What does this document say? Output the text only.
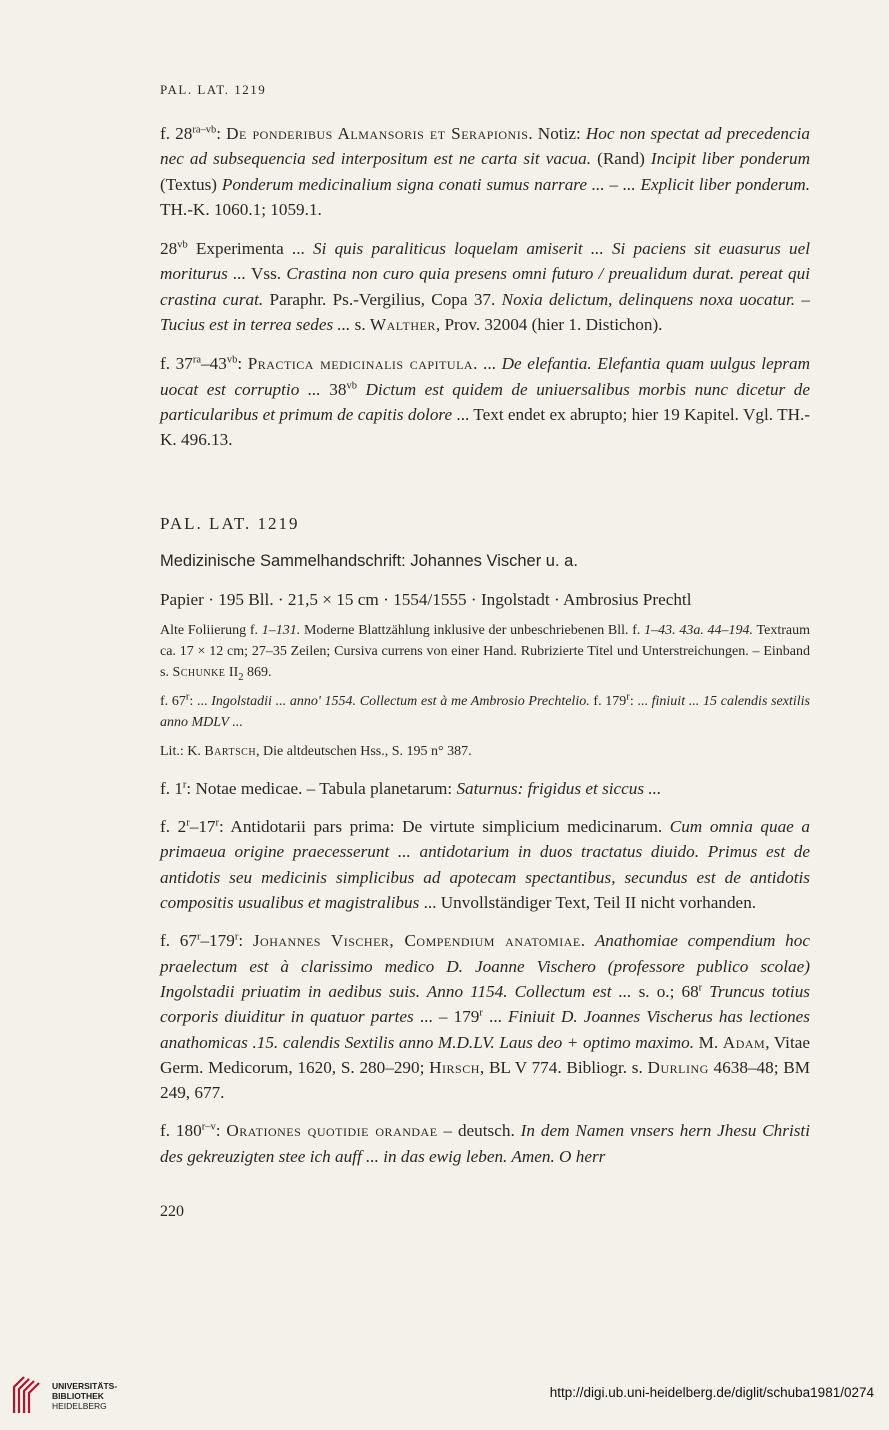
PAL. LAT. 1219

f. $28^{ra-vb}$: De ponderibus Almansoris et Serapionis. Notiz: Hoc non spectat ad precedencia nec ad subsequencia sed interpositum est ne carta sit vacua. (Rand) Incipit liber ponderum (Textus) Ponderum medicinalium signa conati sumus narrare ... – ... Explicit liber ponderum. TH.-K. 1060.1; 1059.1.

$28^{vb}$ Experimenta ... Si quis paraliticus loquelam amiserit ... Si paciens sit euasurus uel moriturus ... Vss. Crastina non curo quia presens omni futuro / preualidum durat. pereat qui crastina curat. Paraphr. Ps.-Vergilius, Copa 37. Noxia delictum, delinquens noxa uocatur. – Tucius est in terrea sedes ... s. Walther, Prov. 32004 (hier 1. Distichon).

f. $37^{ra}-43^{vb}$: Practica medicinalis capitula. ... De elefantia. Elefantia quam uulgus lepram uocat est corruptio ... $38^{vb}$ Dictum est quidem de uniuersalibus morbis nunc dicetur de particularibus et primum de capitis dolore ... Text endet ex abrupto; hier 19 Kapitel. Vgl. TH.-K. 496.13.

PAL. LAT. 1219

Medizinische Sammelhandschrift: Johannes Vischer u. a.

Papier · 195 Bll. · 21,5 × 15 cm · 1554/1555 · Ingolstadt · Ambrosius Prechtl

Alte Foliierung f. 1–131. Moderne Blattzählung inklusive der unbeschriebenen Bll. f. 1–43. 43a. 44–194. Textraum ca. 17 × 12 cm; 27–35 Zeilen; Cursiva currens von einer Hand. Rubrizierte Titel und Unterstreichungen. – Einband s. Schunke $II_2$ 869.

f. 67$^r$: ... Ingolstadii ... anno' 1554. Collectum est à me Ambrosio Prechtelio. f. 179$^r$: ... finiuit ... 15 calendis sextilis anno MDLV ...

Lit.: K. Bartsch, Die altdeutschen Hss., S. 195 n° 387.

f. 1$^r$: Notae medicae. – Tabula planetarum: Saturnus: frigidus et siccus ...

f. 2$^r$–17$^r$: Antidotarii pars prima: De virtute simplicium medicinarum. Cum omnia quae a primaeua origine praecesserunt ... antidotarium in duos tractatus diuido. Primus est de antidotis seu medicinis simplicibus ad apotecam spectantibus, secundus est de antidotis compositis usualibus et magistralibus ... Unvollständiger Text, Teil II nicht vorhanden.

f. 67$^r$–179$^r$: Johannes Vischer, Compendium anatomiae. Anathomiae compendium hoc praelectum est à clarissimo medico D. Joanne Vischero (professore publico scolae) Ingolstadii priuatim in aedibus suis. Anno 1154. Collectum est ... s. o.; 68$^r$ Truncus totius corporis diuiditur in quatuor partes ... – 179$^r$ ... Finiuit D. Joannes Vischerus has lectiones anathomicas .15. calendis Sextilis anno M.D.LV. Laus deo + optimo maximo. M. Adam, Vitae Germ. Medicorum, 1620, S. 280–290; Hirsch, BL V 774. Bibliogr. s. Durling 4638–48; BM 249, 677.

f. 180$^{r-v}$: Orationes quotidie orandae – deutsch. In dem Namen vnsers hern Jhesu Christi des gekreuzigten stee ich auff ... in das ewig leben. Amen. O herr

220

UNIVERSITÄTS-
BIBLIOTHEK
HEIDELBERG
http://digi.ub.uni-heidelberg.de/diglit/schuba1981/0274
